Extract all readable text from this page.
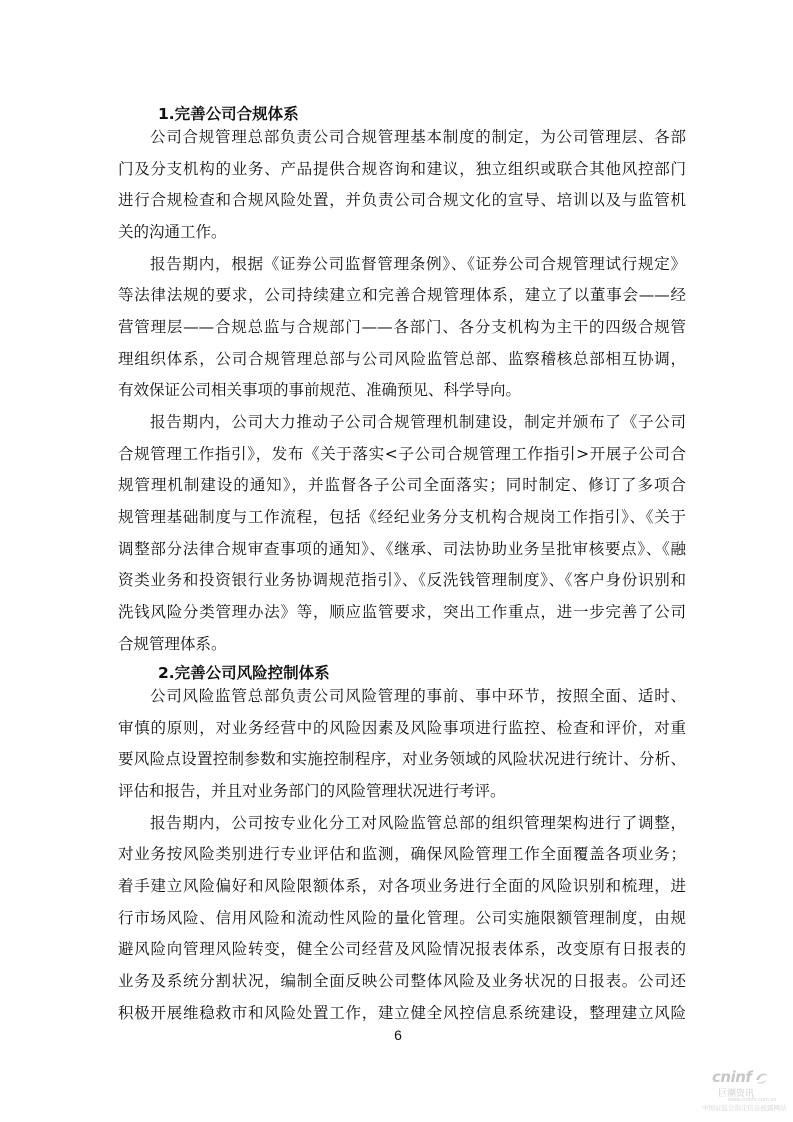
1.完善公司合规体系
公司合规管理总部负责公司合规管理基本制度的制定，为公司管理层、各部
门及分支机构的业务、产品提供合规咨询和建议，独立组织或联合其他风控部门
进行合规检查和合规风险处置，并负责公司合规文化的宣导、培训以及与监管机
关的沟通工作。
报告期内，根据《证券公司监督管理条例》、《证券公司合规管理试行规定》
等法律法规的要求，公司持续建立和完善合规管理体系，建立了以董事会——经
营管理层——合规总监与合规部门——各部门、各分支机构为主干的四级合规管
理组织体系，公司合规管理总部与公司风险监管总部、监察稽核总部相互协调，
有效保证公司相关事项的事前规范、准确预见、科学导向。
报告期内，公司大力推动子公司合规管理机制建设，制定并颁布了《子公司
合规管理工作指引》，发布《关于落实<子公司合规管理工作指引>开展子公司合
规管理机制建设的通知》，并监督各子公司全面落实；同时制定、修订了多项合
规管理基础制度与工作流程，包括《经纪业务分支机构合规岗工作指引》、《关于
调整部分法律合规审查事项的通知》、《继承、司法协助业务呈批审核要点》、《融
资类业务和投资银行业务协调规范指引》、《反洗钱管理制度》、《客户身份识别和
洗钱风险分类管理办法》等，顺应监管要求，突出工作重点，进一步完善了公司
合规管理体系。
2.完善公司风险控制体系
公司风险监管总部负责公司风险管理的事前、事中环节，按照全面、适时、
审慎的原则，对业务经营中的风险因素及风险事项进行监控、检查和评价，对重
要风险点设置控制参数和实施控制程序，对业务领域的风险状况进行统计、分析、
评估和报告，并且对业务部门的风险管理状况进行考评。
报告期内，公司按专业化分工对风险监管总部的组织管理架构进行了调整，
对业务按风险类别进行专业评估和监测，确保风险管理工作全面覆盖各项业务；
着手建立风险偏好和风险限额体系，对各项业务进行全面的风险识别和梳理，进
行市场风险、信用风险和流动性风险的量化管理。公司实施限额管理制度，由规
避风险向管理风险转变，健全公司经营及风险情况报表体系，改变原有日报表的
业务及系统分割状况，编制全面反映公司整体风险及业务状况的日报表。公司还
积极开展维稳救市和风险处置工作，建立健全风控信息系统建设，整理建立风险
6
cninf
巨潮资讯
www.cninfo.com.cn
中国证监会指定信息披露网站
